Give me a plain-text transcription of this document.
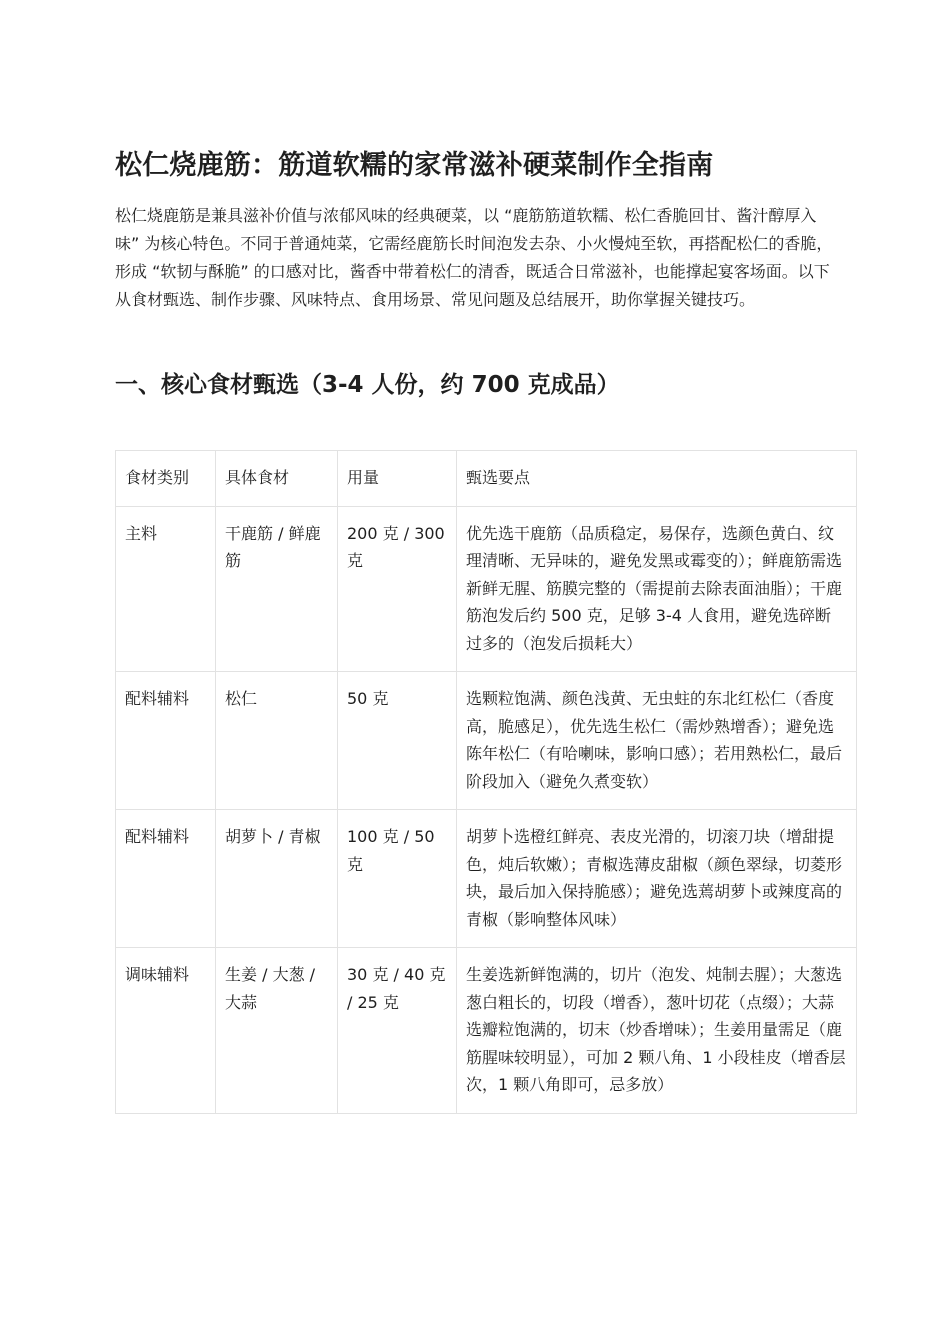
松仁烧鹿筋：筋道软糯的家常滋补硬菜制作全指南

松仁烧鹿筋是兼具滋补价值与浓郁风味的经典硬菜，以 “鹿筋筋道软糯、松仁香脆回甘、酱汁醇厚入味” 为核心特色。不同于普通炖菜，它需经鹿筋长时间泡发去杂、小火慢炖至软，再搭配松仁的香脆，形成 “软韧与酥脆” 的口感对比，酱香中带着松仁的清香，既适合日常滋补，也能撑起宴客场面。以下从食材甄选、制作步骤、风味特点、食用场景、常见问题及总结展开，助你掌握关键技巧。

一、核心食材甄选（3-4 人份，约 700 克成品）
食材类别	具体食材	用量	甄选要点
主料	干鹿筋 / 鲜鹿筋	200 克 / 300 克	优先选干鹿筋（品质稳定，易保存，选颜色黄白、纹理清晰、无异味的，避免发黑或霉变的）；鲜鹿筋需选新鲜无腥、筋膜完整的（需提前去除表面油脂）；干鹿筋泡发后约 500 克，足够 3-4 人食用，避免选碎断过多的（泡发后损耗大）
配料辅料	松仁	50 克	选颗粒饱满、颜色浅黄、无虫蛀的东北红松仁（香度高，脆感足），优先选生松仁（需炒熟增香）；避免选陈年松仁（有哈喇味，影响口感）；若用熟松仁，最后阶段加入（避免久煮变软）
配料辅料	胡萝卜 / 青椒	100 克 / 50 克	胡萝卜选橙红鲜亮、表皮光滑的，切滚刀块（增甜提色，炖后软嫩）；青椒选薄皮甜椒（颜色翠绿，切菱形块，最后加入保持脆感）；避免选蔫胡萝卜或辣度高的青椒（影响整体风味）
调味辅料	生姜 / 大葱 / 大蒜	30 克 / 40 克 / 25 克	生姜选新鲜饱满的，切片（泡发、炖制去腥）；大葱选葱白粗长的，切段（增香），葱叶切花（点缀）；大蒜选瓣粒饱满的，切末（炒香增味）；生姜用量需足（鹿筋腥味较明显），可加 2 颗八角、1 小段桂皮（增香层次，1 颗八角即可，忌多放）
